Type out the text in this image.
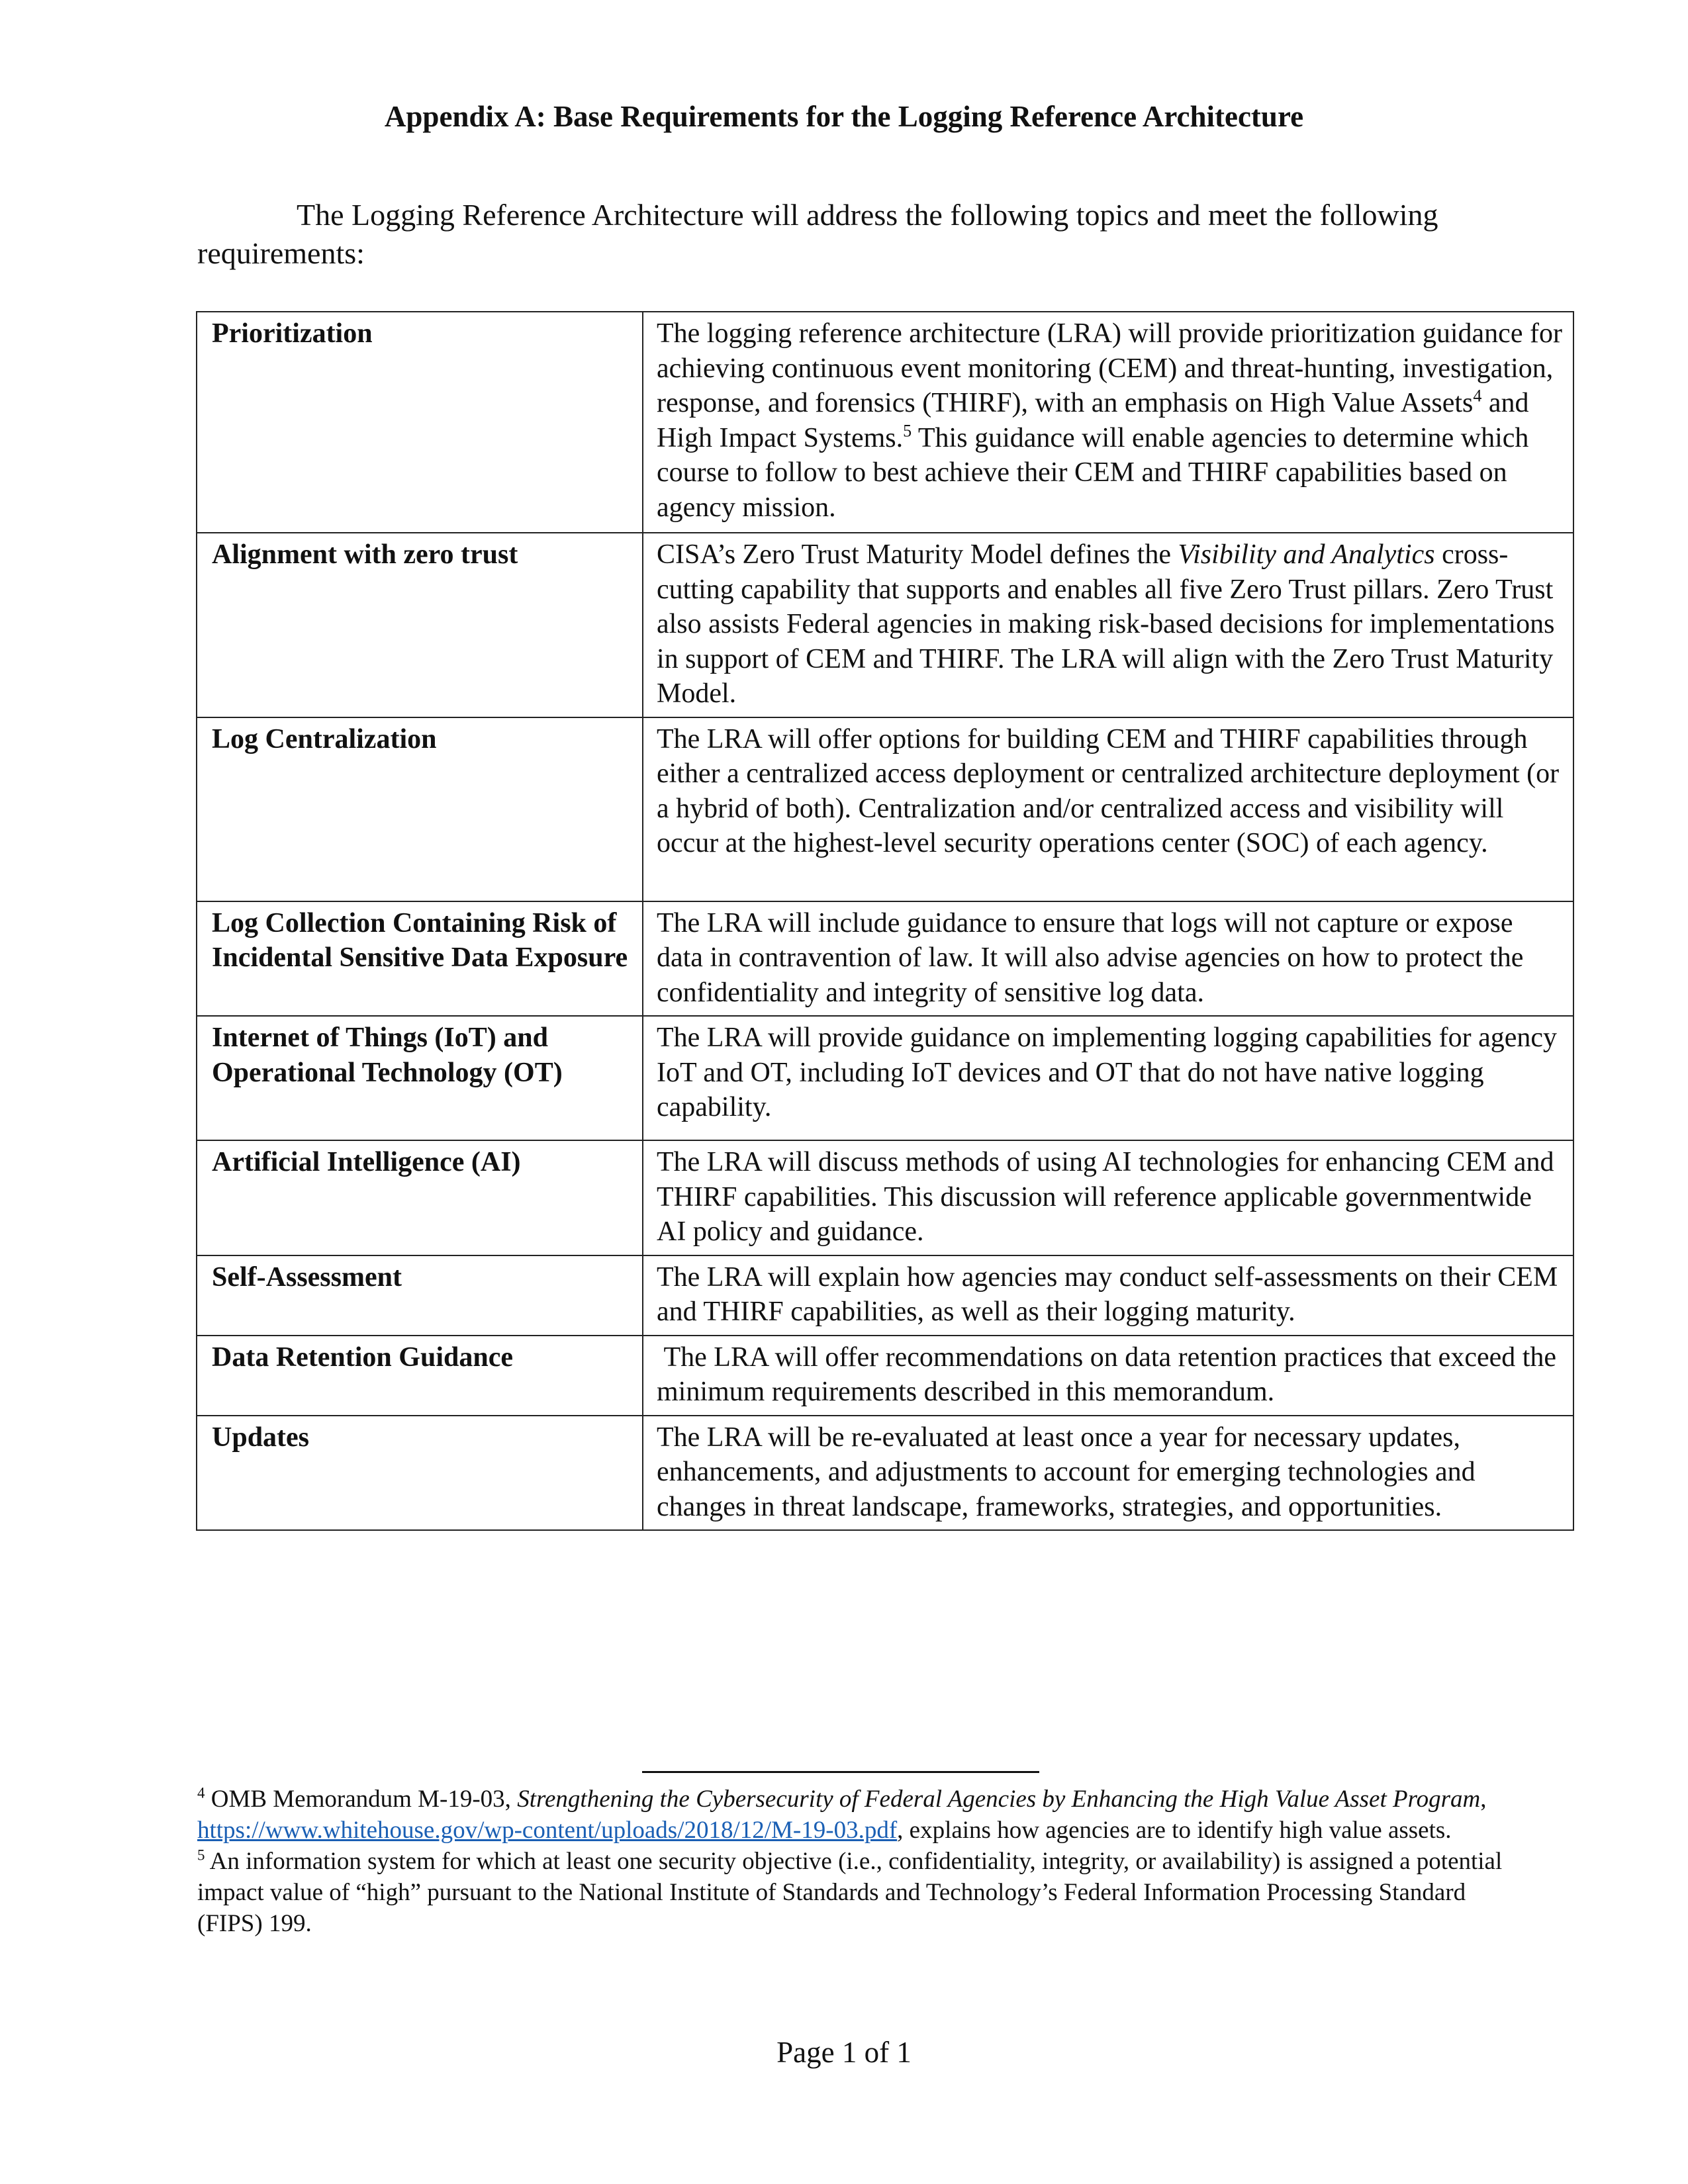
Appendix A: Base Requirements for the Logging Reference Architecture

The Logging Reference Architecture will address the following topics and meet the following requirements:

Prioritization	The logging reference architecture (LRA) will provide prioritization guidance for achieving continuous event monitoring (CEM) and threat-hunting, investigation, response, and forensics (THIRF), with an emphasis on High Value Assets$^4$ and High Impact Systems.$^5$ This guidance will enable agencies to determine which course to follow to best achieve their CEM and THIRF capabilities based on agency mission.
Alignment with zero trust	CISA’s Zero Trust Maturity Model defines the Visibility and Analytics cross-cutting capability that supports and enables all five Zero Trust pillars. Zero Trust also assists Federal agencies in making risk-based decisions for implementations in support of CEM and THIRF. The LRA will align with the Zero Trust Maturity Model.
Log Centralization	The LRA will offer options for building CEM and THIRF capabilities through either a centralized access deployment or centralized architecture deployment (or a hybrid of both). Centralization and/or centralized access and visibility will occur at the highest-level security operations center (SOC) of each agency.
Log Collection Containing Risk of Incidental Sensitive Data Exposure	The LRA will include guidance to ensure that logs will not capture or expose data in contravention of law. It will also advise agencies on how to protect the confidentiality and integrity of sensitive log data.
Internet of Things (IoT) and Operational Technology (OT)	The LRA will provide guidance on implementing logging capabilities for agency IoT and OT, including IoT devices and OT that do not have native logging capability.
Artificial Intelligence (AI)	The LRA will discuss methods of using AI technologies for enhancing CEM and THIRF capabilities. This discussion will reference applicable governmentwide AI policy and guidance.
Self-Assessment	The LRA will explain how agencies may conduct self-assessments on their CEM and THIRF capabilities, as well as their logging maturity.
Data Retention Guidance	The LRA will offer recommendations on data retention practices that exceed the minimum requirements described in this memorandum.
Updates	The LRA will be re-evaluated at least once a year for necessary updates, enhancements, and adjustments to account for emerging technologies and changes in threat landscape, frameworks, strategies, and opportunities.

$^4$ OMB Memorandum M-19-03, Strengthening the Cybersecurity of Federal Agencies by Enhancing the High Value Asset Program, https://www.whitehouse.gov/wp-content/uploads/2018/12/M-19-03.pdf, explains how agencies are to identify high value assets.

$^5$ An information system for which at least one security objective (i.e., confidentiality, integrity, or availability) is assigned a potential impact value of “high” pursuant to the National Institute of Standards and Technology’s Federal Information Processing Standard (FIPS) 199.

Page 1 of 1
